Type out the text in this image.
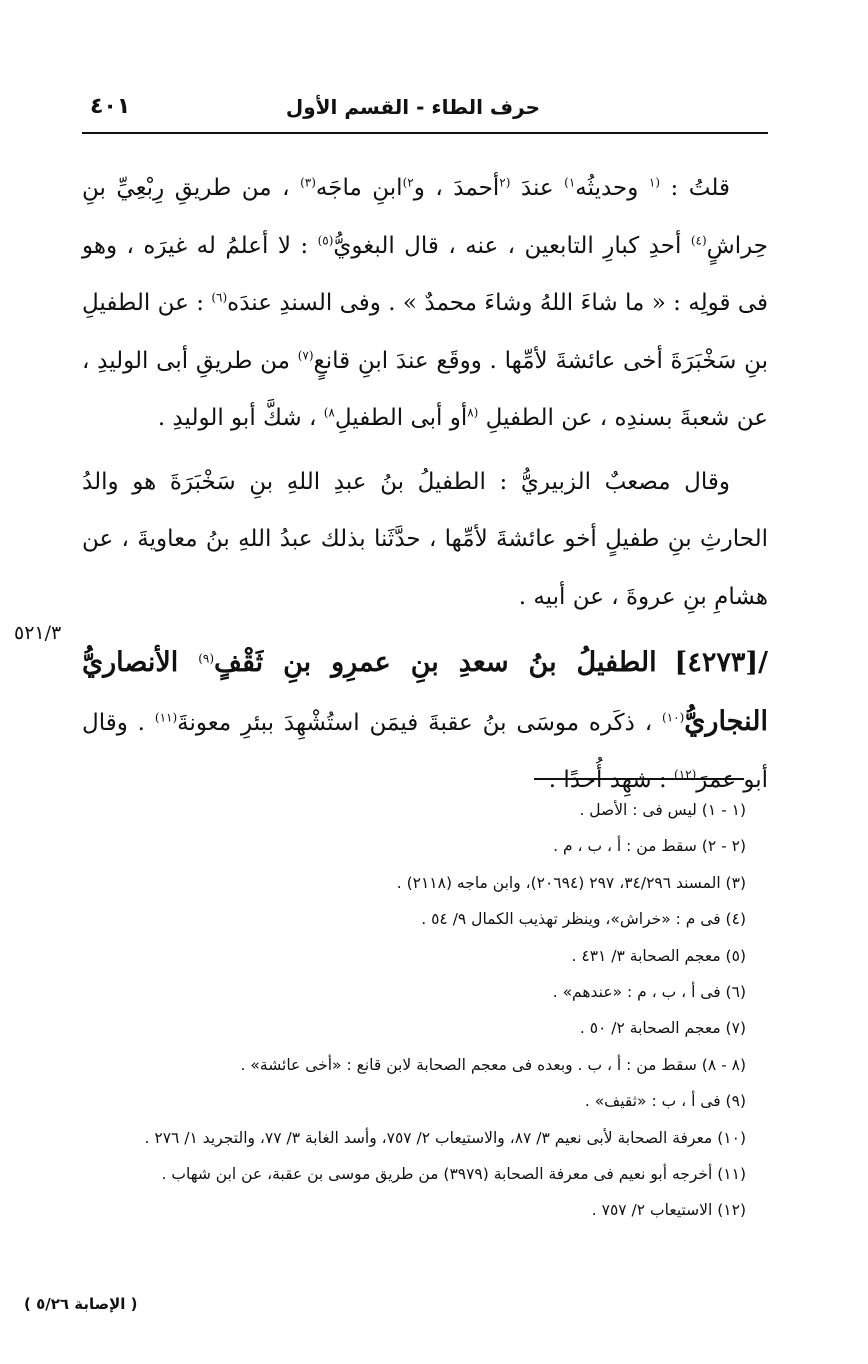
حرف الطاء - القسم الأول
٤٠١

قلتُ : $^{(١}$ وحديثُه$^{١)}$ عندَ $^{(٢}$أحمدَ ، و$^{٢)}$ابنِ ماجَه$^{(٣)}$ ، من طريقِ رِبْعِيِّ بنِ حِراشٍ$^{(٤)}$ أحدِ كبارِ التابعين ، عنه ، قال البغويُّ$^{(٥)}$ : لا أعلمُ له غيرَه ، وهو فى قولِه : « ما شاءَ اللهُ وشاءَ محمدٌ » . وفى السندِ عندَه$^{(٦)}$ : عن الطفيلِ بنِ سَخْبَرَةَ أخى عائشةَ لأمِّها . ووقَع عندَ ابنِ قانعٍ$^{(٧)}$ من طريقِ أبى الوليدِ ، عن شعبةَ بسندِه ، عن الطفيلِ $^{(٨}$أو أبى الطفيلِ$^{٨)}$ ، شكَّ أبو الوليدِ .

وقال مصعبٌ الزبيريُّ : الطفيلُ بنُ عبدِ اللهِ بنِ سَخْبَرَةَ هو والدُ الحارثِ بنِ طفيلٍ أخو عائشةَ لأمِّها ، حدَّثَنا بذلك عبدُ اللهِ بنُ معاويةَ ، عن هشامِ بنِ عروةَ ، عن أبيه .

/[٤٢٧٣] الطفيلُ بنُ سعدِ بنِ عمرِو بنِ ثَقْفٍ$^{(٩)}$ الأنصاريُّ النجاريُّ$^{(١٠)}$ ، ذكَره موسَى بنُ عقبةَ فيمَن استُشْهِدَ ببئرِ معونةَ$^{(١١)}$ . وقال أبو عمرَ$^{(١٢)}$ : شهِد أُحدًا .

٥٢١/٣
(١ - ١) ليس فى : الأصل .
(٢ - ٢) سقط من : أ ، ب ، م .
(٣) المسند ٣٤/٢٩٦، ٢٩٧ (٢٠٦٩٤)، وابن ماجه (٢١١٨) .
(٤) فى م : «خراش»، وينظر تهذيب الكمال ٩/ ٥٤ .
(٥) معجم الصحابة ٣/ ٤٣١ .
(٦) فى أ ، ب ، م : «عندهم» .
(٧) معجم الصحابة ٢/ ٥٠ .
(٨ - ٨) سقط من : أ ، ب . وبعده فى معجم الصحابة لابن قانع : «أخى عائشة» .
(٩) فى أ ، ب : «ثقيف» .
(١٠) معرفة الصحابة لأبى نعيم ٣/ ٨٧، والاستيعاب ٢/ ٧٥٧، وأسد الغابة ٣/ ٧٧، والتجريد ١/ ٢٧٦ .
(١١) أخرجه أبو نعيم فى معرفة الصحابة (٣٩٧٩) من طريق موسى بن عقبة، عن ابن شهاب .
(١٢) الاستيعاب ٢/ ٧٥٧ .
( الإصابة ٥/٢٦ )
